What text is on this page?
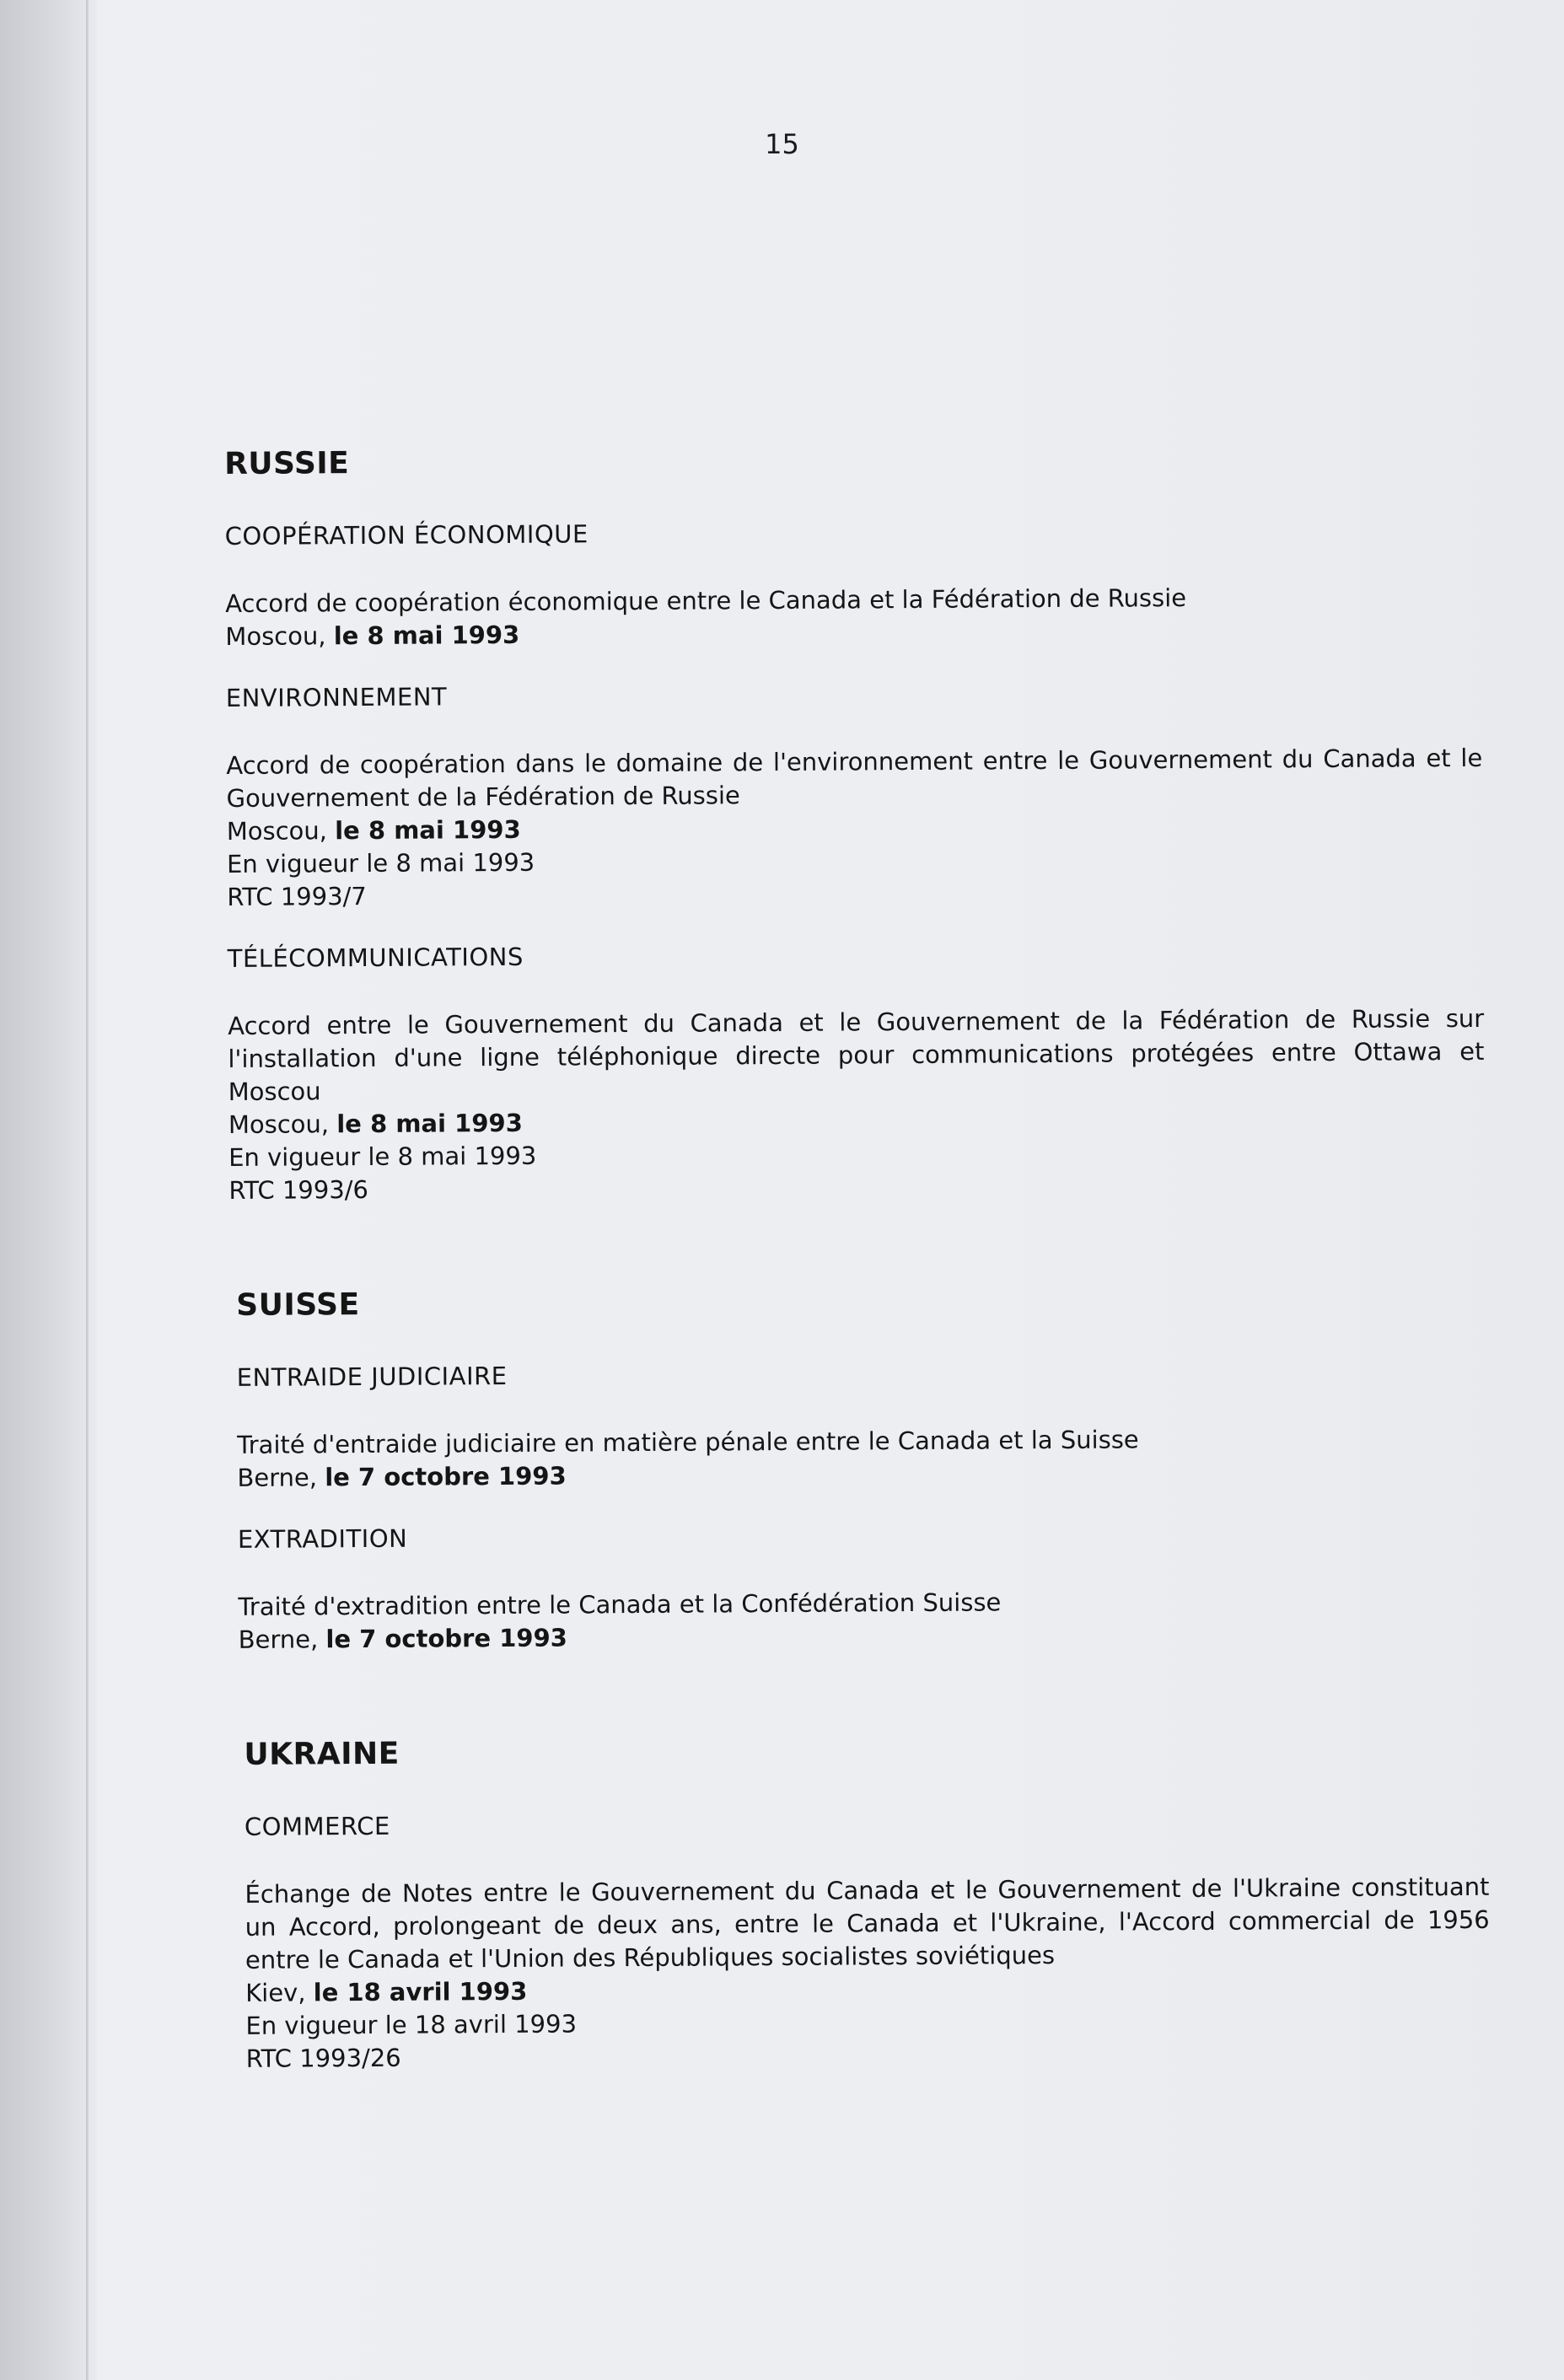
15
RUSSIE
COOPÉRATION ÉCONOMIQUE

Accord de coopération économique entre le Canada et la Fédération de Russie

Moscou, le 8 mai 1993

ENVIRONNEMENT

Accord de coopération dans le domaine de l'environnement entre le Gouvernement du Canada et le Gouvernement de la Fédération de Russie

Moscou, le 8 mai 1993

En vigueur le 8 mai 1993

RTC 1993/7

TÉLÉCOMMUNICATIONS

Accord entre le Gouvernement du Canada et le Gouvernement de la Fédération de Russie sur l'installation d'une ligne téléphonique directe pour communications protégées entre Ottawa et Moscou

Moscou, le 8 mai 1993

En vigueur le 8 mai 1993

RTC 1993/6

SUISSE
ENTRAIDE JUDICIAIRE

Traité d'entraide judiciaire en matière pénale entre le Canada et la Suisse

Berne, le 7 octobre 1993

EXTRADITION

Traité d'extradition entre le Canada et la Confédération Suisse

Berne, le 7 octobre 1993

UKRAINE
COMMERCE

Échange de Notes entre le Gouvernement du Canada et le Gouvernement de l'Ukraine constituant un Accord, prolongeant de deux ans, entre le Canada et l'Ukraine, l'Accord commercial de 1956 entre le Canada et l'Union des Républiques socialistes soviétiques

Kiev, le 18 avril 1993

En vigueur le 18 avril 1993

RTC 1993/26
